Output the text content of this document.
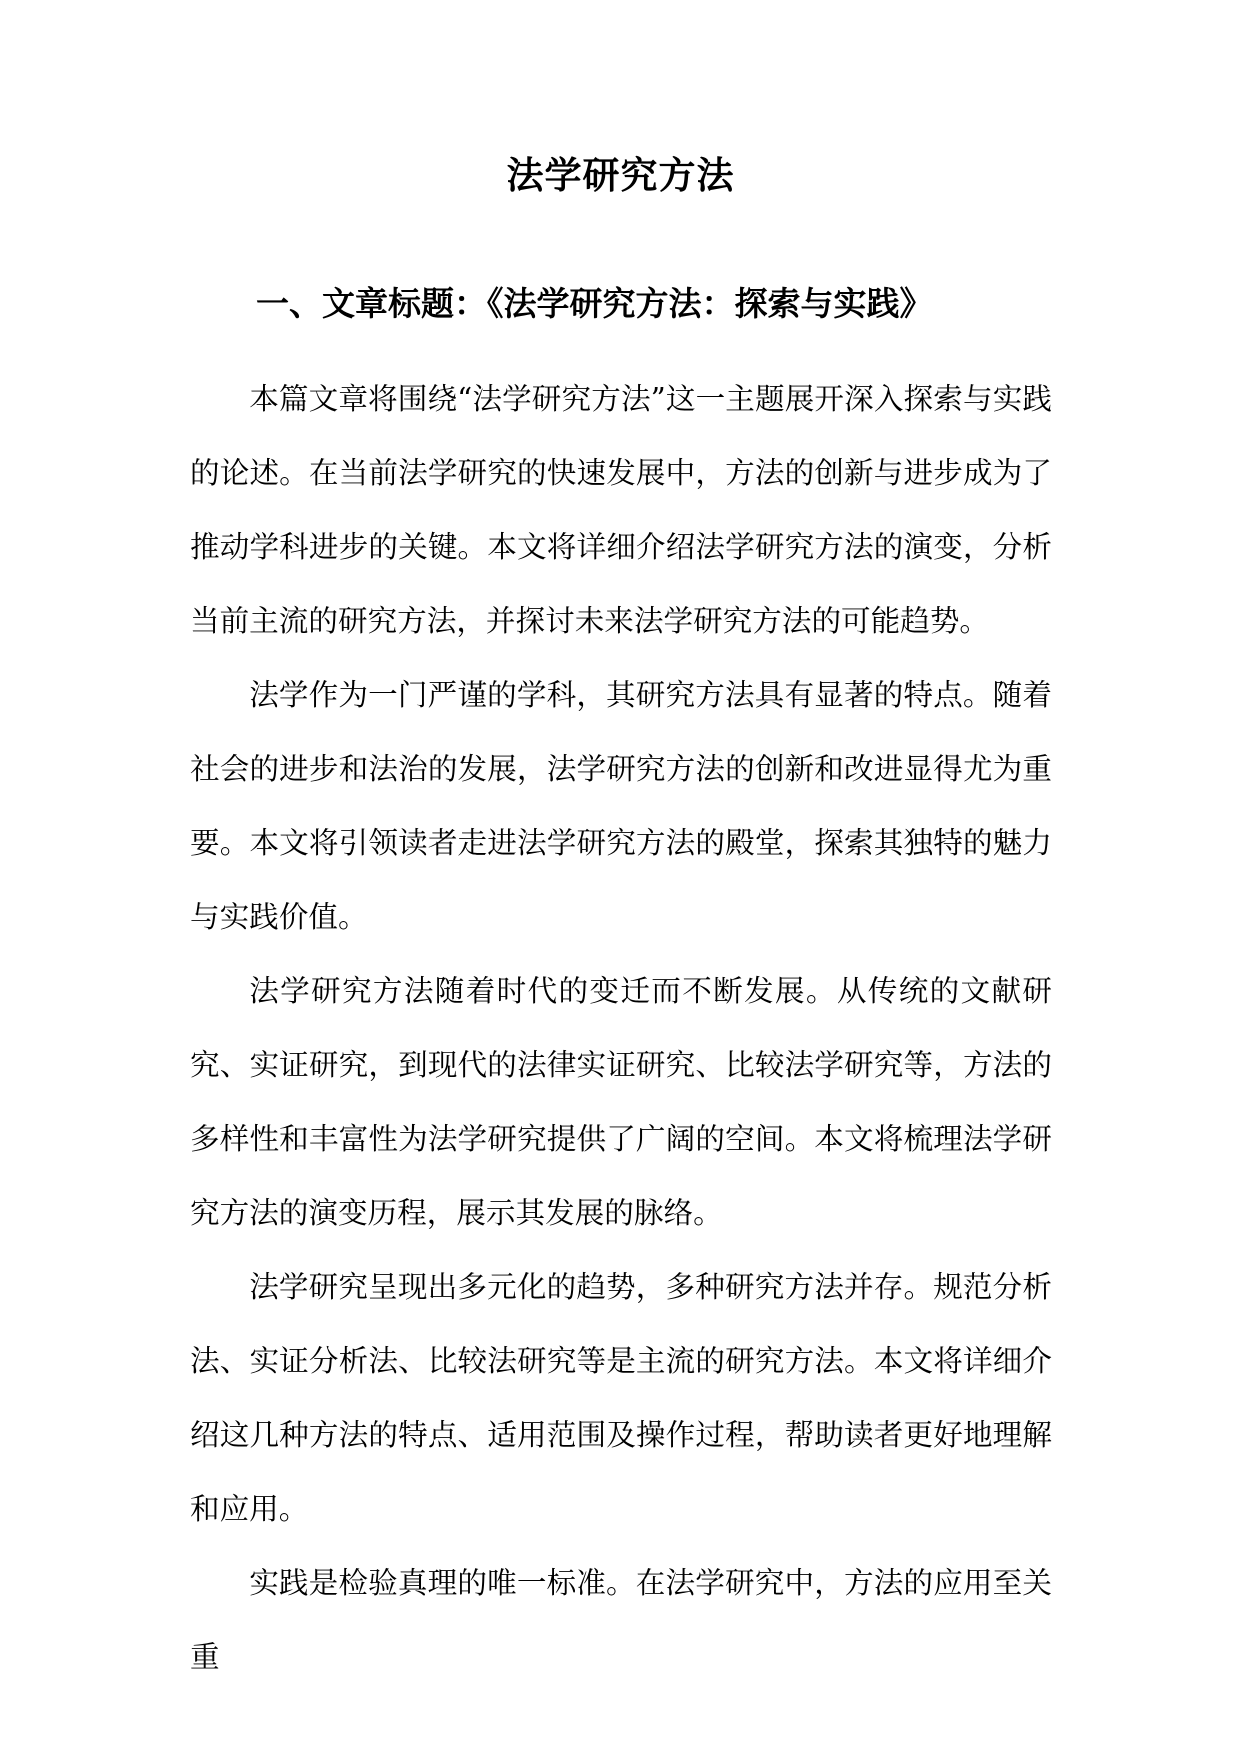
法学研究方法
一、文章标题：《法学研究方法：探索与实践》

本篇文章将围绕“法学研究方法”这一主题展开深入探索与实践的论述。在当前法学研究的快速发展中，方法的创新与进步成为了推动学科进步的关键。本文将详细介绍法学研究方法的演变，分析当前主流的研究方法，并探讨未来法学研究方法的可能趋势。

法学作为一门严谨的学科，其研究方法具有显著的特点。随着社会的进步和法治的发展，法学研究方法的创新和改进显得尤为重要。本文将引领读者走进法学研究方法的殿堂，探索其独特的魅力与实践价值。

法学研究方法随着时代的变迁而不断发展。从传统的文献研究、实证研究，到现代的法律实证研究、比较法学研究等，方法的多样性和丰富性为法学研究提供了广阔的空间。本文将梳理法学研究方法的演变历程，展示其发展的脉络。

法学研究呈现出多元化的趋势，多种研究方法并存。规范分析法、实证分析法、比较法研究等是主流的研究方法。本文将详细介绍这几种方法的特点、适用范围及操作过程，帮助读者更好地理解和应用。

实践是检验真理的唯一标准。在法学研究中，方法的应用至关重
